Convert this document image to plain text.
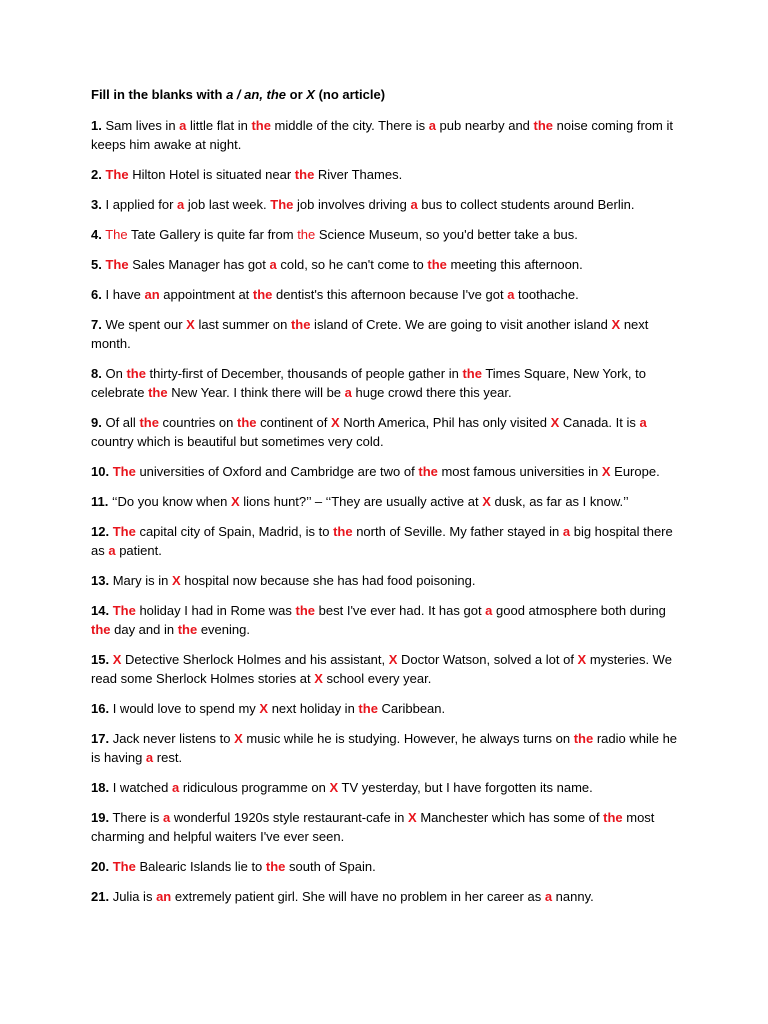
Fill in the blanks with a / an, the or X (no article)
1. Sam lives in a little flat in the middle of the city. There is a pub nearby and the noise coming from it keeps him awake at night.
2. The Hilton Hotel is situated near the River Thames.
3. I applied for a job last week. The job involves driving a bus to collect students around Berlin.
4. The Tate Gallery is quite far from the Science Museum, so you'd better take a bus.
5. The Sales Manager has got a cold, so he can't come to the meeting this afternoon.
6. I have an appointment at the dentist's this afternoon because I've got a toothache.
7. We spent our X last summer on the island of Crete. We are going to visit another island X next month.
8. On the thirty-first of December, thousands of people gather in the Times Square, New York, to celebrate the New Year. I think there will be a huge crowd there this year.
9. Of all the countries on the continent of X North America, Phil has only visited X Canada. It is a country which is beautiful but sometimes very cold.
10. The universities of Oxford and Cambridge are two of the most famous universities in X Europe.
11. ‘‘Do you know when X lions hunt?’’ – ‘‘They are usually active at X dusk, as far as I know.’’
12. The capital city of Spain, Madrid, is to the north of Seville. My father stayed in a big hospital there as a patient.
13. Mary is in X hospital now because she has had food poisoning.
14. The holiday I had in Rome was the best I've ever had. It has got a good atmosphere both during the day and in the evening.
15. X Detective Sherlock Holmes and his assistant, X Doctor Watson, solved a lot of X mysteries. We read some Sherlock Holmes stories at X school every year.
16. I would love to spend my X next holiday in the Caribbean.
17. Jack never listens to X music while he is studying. However, he always turns on the radio while he is having a rest.
18. I watched a ridiculous programme on X TV yesterday, but I have forgotten its name.
19. There is a wonderful 1920s style restaurant-cafe in X Manchester which has some of the most charming and helpful waiters I've ever seen.
20. The Balearic Islands lie to the south of Spain.
21. Julia is an extremely patient girl. She will have no problem in her career as a nanny.
